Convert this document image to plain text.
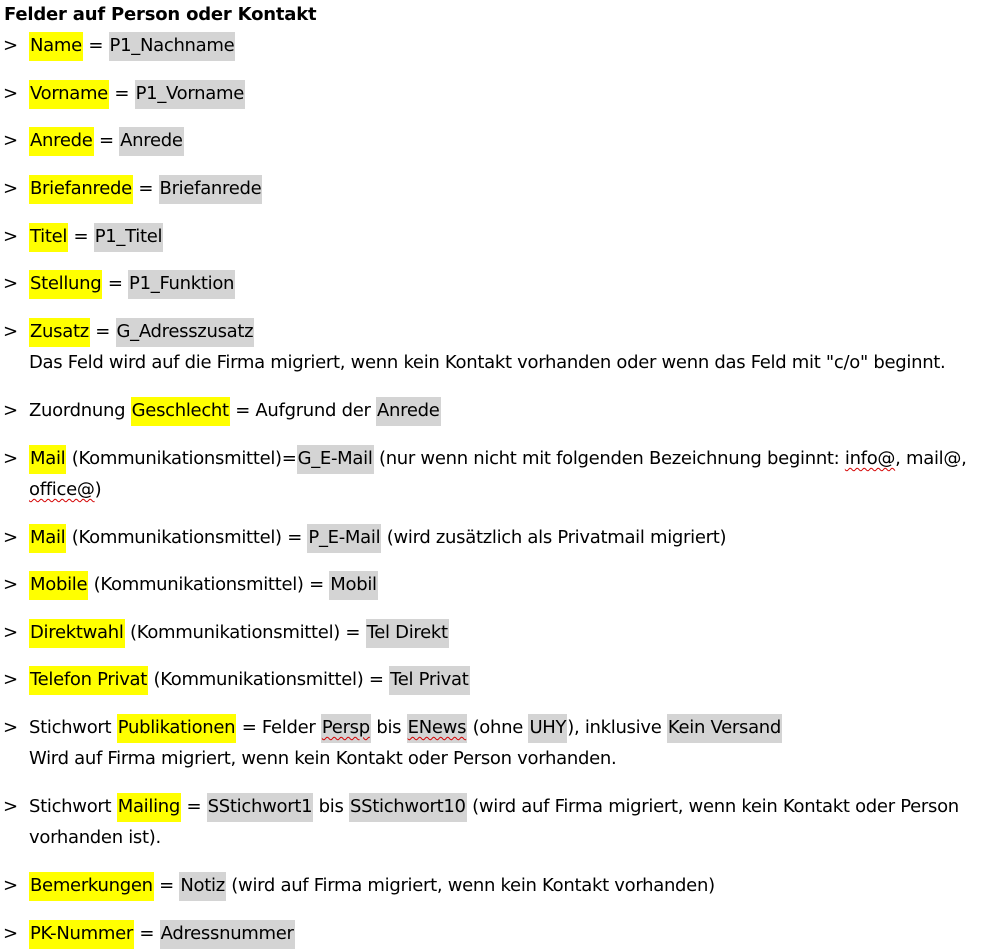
Felder auf Person oder Kontakt
> Name = P1_Nachname
> Vorname = P1_Vorname
> Anrede = Anrede
> Briefanrede = Briefanrede
> Titel = P1_Titel
> Stellung = P1_Funktion
> Zusatz = G_Adresszusatz
Das Feld wird auf die Firma migriert, wenn kein Kontakt vorhanden oder wenn das Feld mit "c/o" beginnt.
> Zuordnung Geschlecht = Aufgrund der Anrede
> Mail (Kommunikationsmittel)=G_E-Mail (nur wenn nicht mit folgenden Bezeichnung beginnt: info@, mail@,
office@)
> Mail (Kommunikationsmittel) = P_E-Mail (wird zusätzlich als Privatmail migriert)
> Mobile (Kommunikationsmittel) = Mobil
> Direktwahl (Kommunikationsmittel) = Tel Direkt
> Telefon Privat (Kommunikationsmittel) = Tel Privat
> Stichwort Publikationen = Felder Persp bis ENews (ohne UHY), inklusive Kein Versand
Wird auf Firma migriert, wenn kein Kontakt oder Person vorhanden.
> Stichwort Mailing = SStichwort1 bis SStichwort10 (wird auf Firma migriert, wenn kein Kontakt oder Person
vorhanden ist).
> Bemerkungen = Notiz (wird auf Firma migriert, wenn kein Kontakt vorhanden)
> PK-Nummer = Adressnummer
